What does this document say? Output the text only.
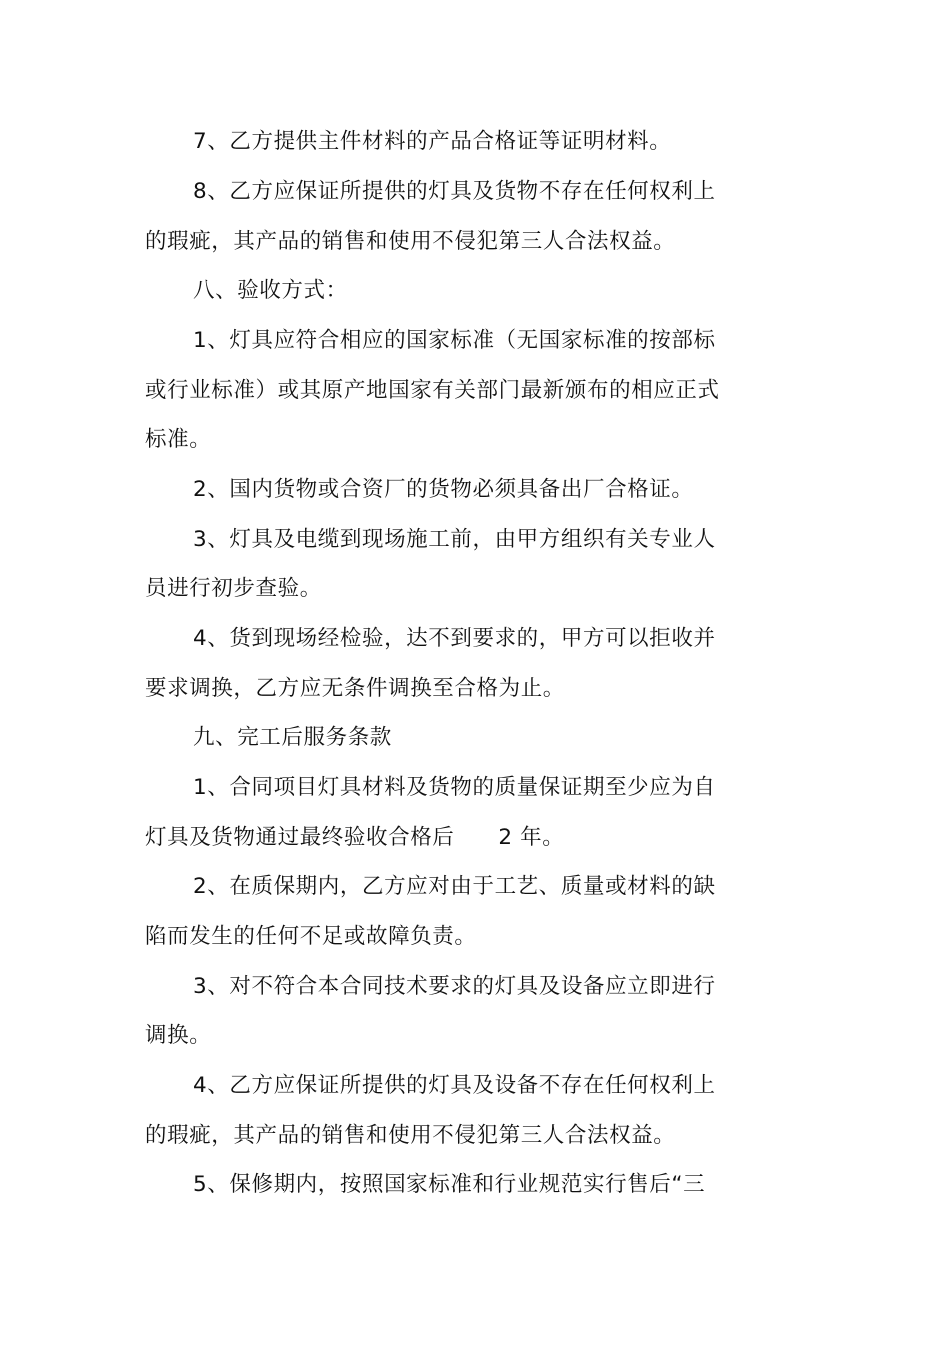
7、乙方提供主件材料的产品合格证等证明材料。
8、乙方应保证所提供的灯具及货物不存在任何权利上
的瑕疵，其产品的销售和使用不侵犯第三人合法权益。
八、验收方式：
1、灯具应符合相应的国家标准（无国家标准的按部标
或行业标准）或其原产地国家有关部门最新颁布的相应正式
标准。
2、国内货物或合资厂的货物必须具备出厂合格证。
3、灯具及电缆到现场施工前，由甲方组织有关专业人
员进行初步查验。
4、货到现场经检验，达不到要求的，甲方可以拒收并
要求调换，乙方应无条件调换至合格为止。
九、完工后服务条款
1、合同项目灯具材料及货物的质量保证期至少应为自
灯具及货物通过最终验收合格后 2 年。
2、在质保期内，乙方应对由于工艺、质量或材料的缺
陷而发生的任何不足或故障负责。
3、对不符合本合同技术要求的灯具及设备应立即进行
调换。
4、乙方应保证所提供的灯具及设备不存在任何权利上
的瑕疵，其产品的销售和使用不侵犯第三人合法权益。
5、保修期内，按照国家标准和行业规范实行售后“三
